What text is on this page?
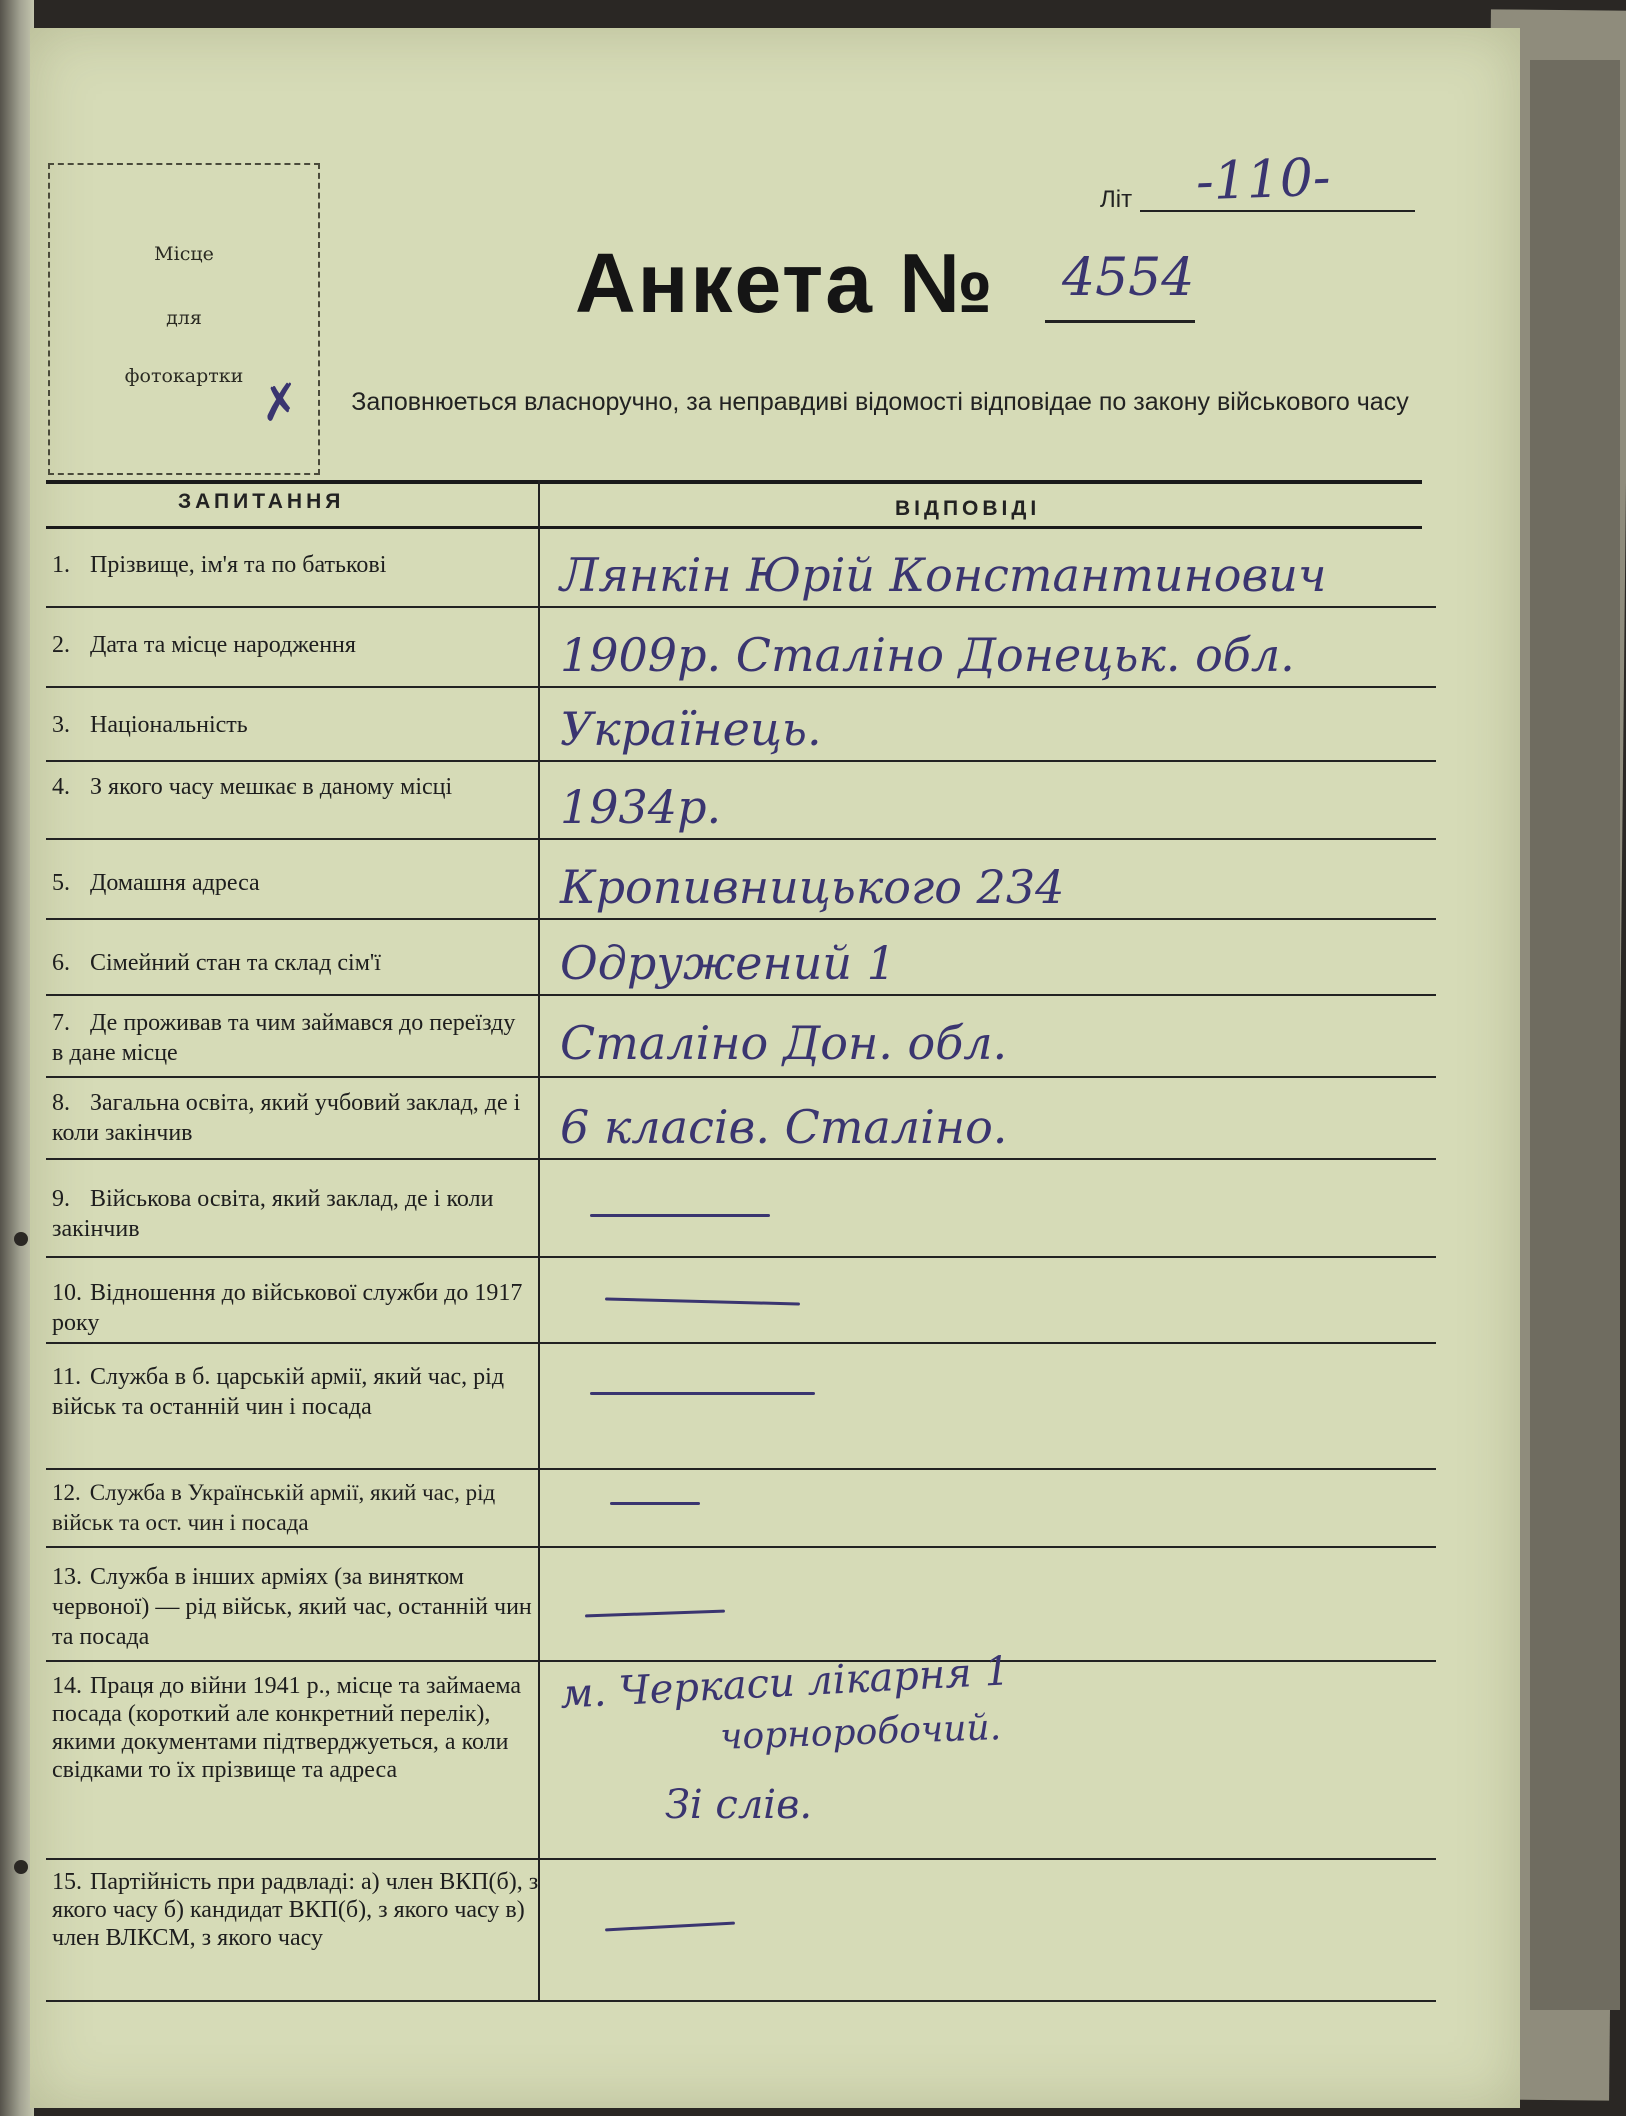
Місце
для
фотокартки ✗
Літ -110-
Анкета № 4554
Заповнюеться власноручно, за неправдиві відомості відповідае по закону військового часу
ЗАПИТАННЯ	ВІДПОВІДІ
1. Прізвище, ім'я та по батькові	Лянкін Юрій Константинович
2. Дата та місце народження	1909р. Сталіно Донецьк. обл.
3. Національність	Українець.
4. З якого часу мешкає в даному місці	1934р.
5. Домашня адреса	Кропивницького 234
6. Сімейний стан та склад сім'ї	Одружений 1
7. Де проживав та чим займався до переїзду в дане місце	Сталіно Дон. обл.
8. Загальна освіта, який учбовий заклад, де і коли закінчив	6 класів. Сталіно.
9. Військова освіта, який заклад, де і коли закінчив
10. Відношення до військової служби до 1917 року
11. Служба в б. царській армії, який час, рід військ та останній чин і посада
12. Служба в Українській армії, який час, рід військ та ост. чин і посада
13. Служба в інших арміях (за винятком червоної) — рід військ, який час, останній чин та посада
14. Праця до війни 1941 р., місце та займаема посада (короткий але конкретний перелік), якими документами підтверджуеться, а коли свідками то їх прізвище та адреса
м. Черкаси лікарня 1
чорноробочий.
Зі слів.
15. Партійність при радвладі: а) член ВКП(б), з якого часу б) кандидат ВКП(б), з якого часу в) член ВЛКСМ, з якого часу
